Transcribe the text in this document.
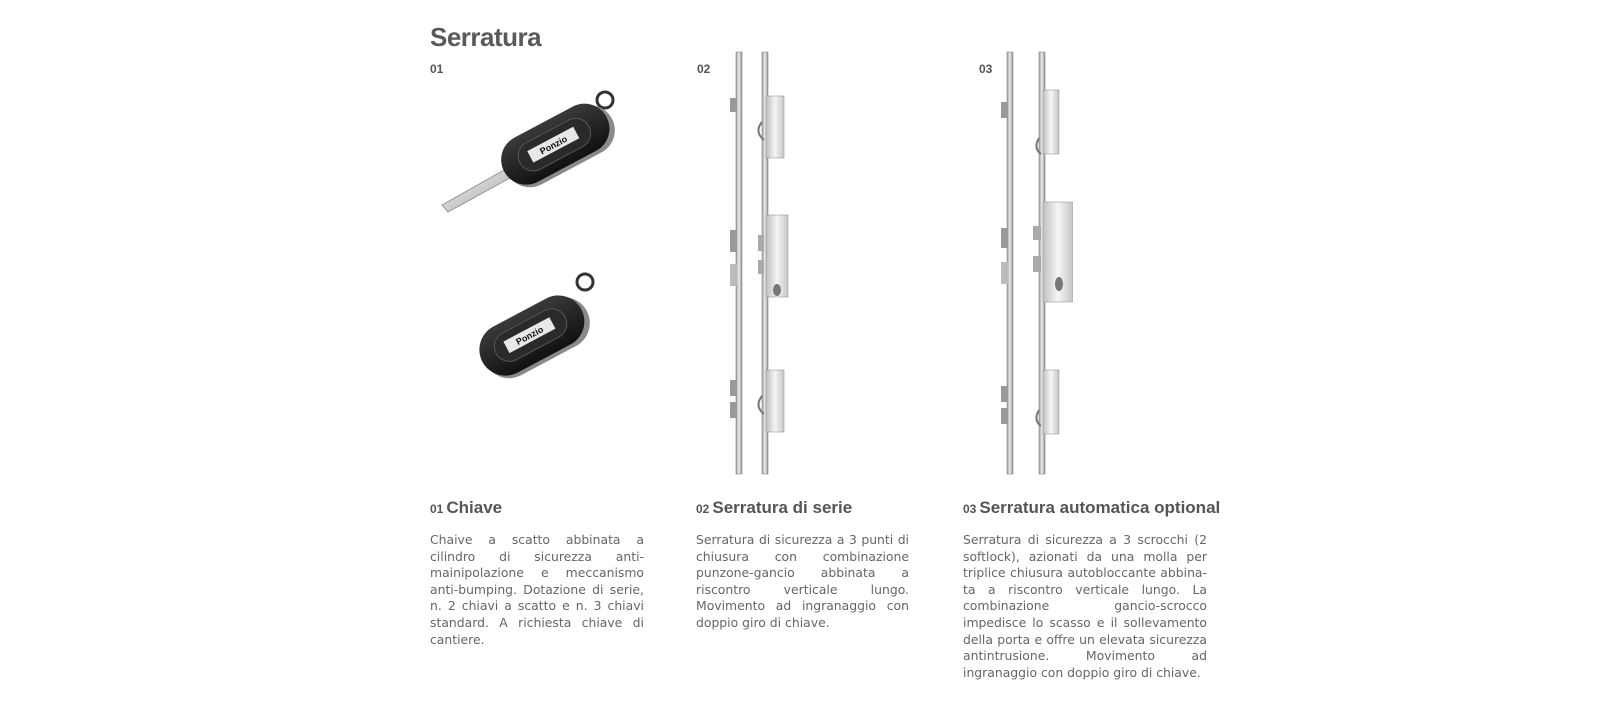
Serratura
01	02	03
Ponzio
Ponzio
01 Chiave	02 Serratura di serie	03 Serratura automatica optional

Chaive a scatto abbinata a cilindro di sicurezza anti-mainipolazione e meccanismo anti-bumping. Dotazione di serie, n. 2 chiavi a scatto e n. 3 chiavi standard. A richiesta chiave di cantiere.

Serratura di sicurezza a 3 punti di chiusura con combinazione punzone-gancio abbinata a riscontro verticale lungo. Movimento ad ingranaggio con doppio giro di chiave.

Serratura di sicurezza a 3 scrocchi (2 softlock), azionati da una molla per triplice chiusura autobloccante abbinata a riscontro verticale lungo. La combinazione gancio-scrocco impedisce lo scasso e il sollevamento della porta e offre un elevata sicurezza antintrusione. Movimento ad ingranaggio con doppio giro di chiave.
